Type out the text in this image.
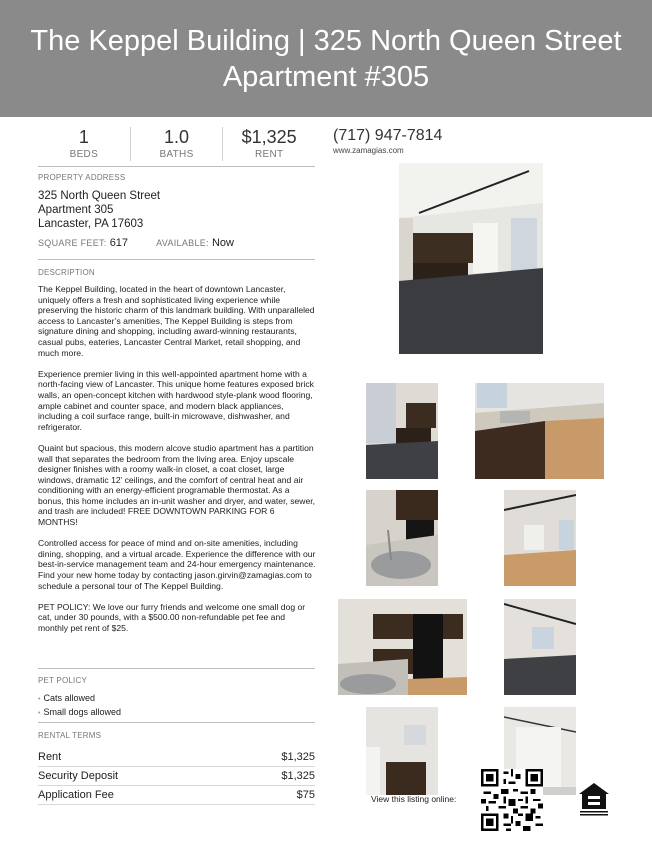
The Keppel Building | 325 North Queen Street
Apartment #305
1
BEDS
1.0
BATHS
$1,325
RENT
(717) 947-7814
www.zamagias.com
PROPERTY ADDRESS
325 North Queen Street
Apartment 305
Lancaster, PA 17603
SQUARE FEET: 617	AVAILABLE: Now
DESCRIPTION

The Keppel Building, located in the heart of downtown Lancaster, uniquely offers a fresh and sophisticated living experience while preserving the historic charm of this landmark building. With unparalleled access to Lancaster’s amenities, The Keppel Building is steps from signature dining and shopping, including award-winning restaurants, casual pubs, eateries, Lancaster Central Market, retail shopping, and much more.

Experience premier living in this well-appointed apartment home with a north-facing view of Lancaster. This unique home features exposed brick walls, an open-concept kitchen with hardwood style-plank wood flooring, ample cabinet and counter space, and modern black appliances, including a coil surface range, built-in microwave, dishwasher, and refrigerator.

Quaint but spacious, this modern alcove studio apartment has a partition wall that separates the bedroom from the living area. Enjoy upscale designer finishes with a roomy walk-in closet, a coat closet, large windows, dramatic 12’ ceilings, and the comfort of central heat and air conditioning with an energy-efficient programable thermostat. As a bonus, this home includes an in-unit washer and dryer, and water, sewer, and trash are included! FREE DOWNTOWN PARKING FOR 6 MONTHS!

Controlled access for peace of mind and on-site amenities, including dining, shopping, and a virtual arcade. Experience the difference with our best-in-service management team and 24-hour emergency maintenance. Find your new home today by contacting jason.girvin@zamagias.com to schedule a personal tour of The Keppel Building.

PET POLICY: We love our furry friends and welcome one small dog or cat, under 30 pounds, with a $500.00 non-refundable pet fee and monthly pet rent of $25.

PET POLICY
• Cats allowed
• Small dogs allowed
RENTAL TERMS
Rent	$1,325
Security Deposit	$1,325
Application Fee	$75	View this listing online:
